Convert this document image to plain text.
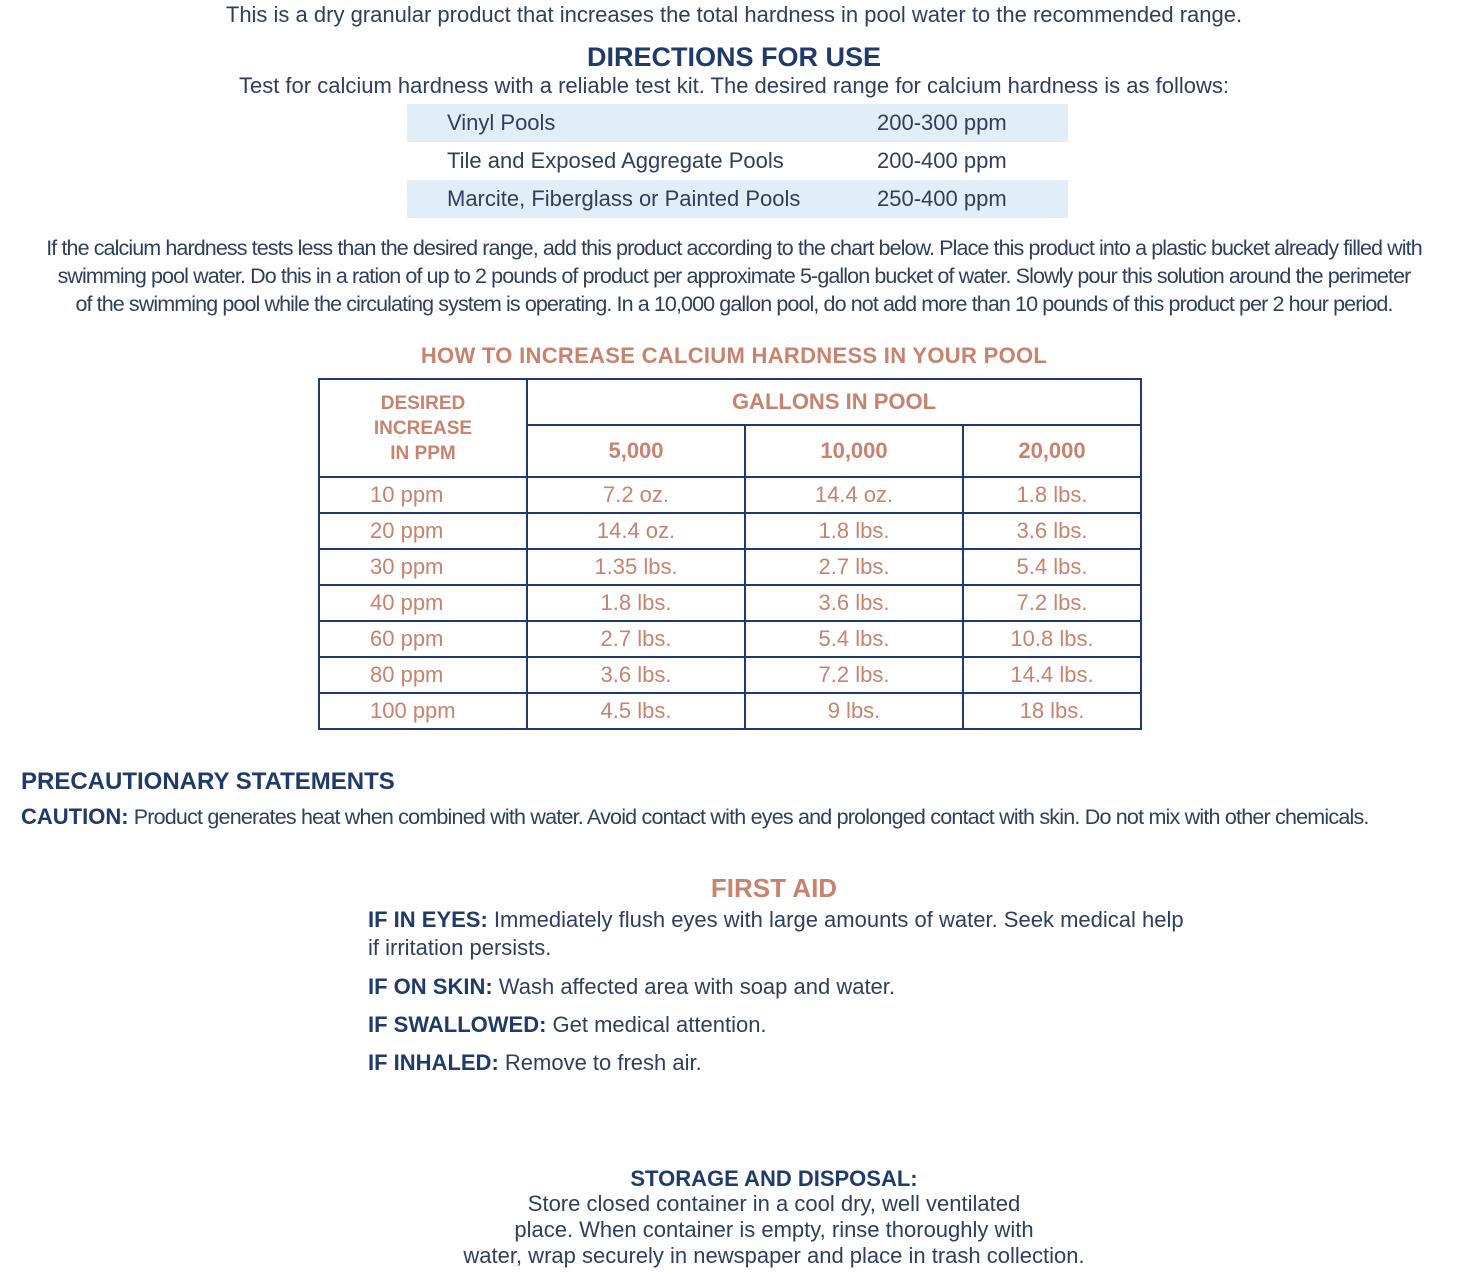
This is a dry granular product that increases the total hardness in pool water to the recommended range.
DIRECTIONS FOR USE
Test for calcium hardness with a reliable test kit. The desired range for calcium hardness is as follows:
Vinyl Pools	200-300 ppm
Tile and Exposed Aggregate Pools	200-400 ppm
Marcite, Fiberglass or Painted Pools	250-400 ppm
If the calcium hardness tests less than the desired range, add this product according to the chart below. Place this product into a plastic bucket already filled with
swimming pool water. Do this in a ration of up to 2 pounds of product per approximate 5-gallon bucket of water. Slowly pour this solution around the perimeter
of the swimming pool while the circulating system is operating. In a 10,000 gallon pool, do not add more than 10 pounds of this product per 2 hour period.
HOW TO INCREASE CALCIUM HARDNESS IN YOUR POOL
DESIRED
INCREASE
IN PPM	GALLONS IN POOL		
	5,000	10,000	20,000
10 ppm	7.2 oz.	14.4 oz.	1.8 lbs.
20 ppm	14.4 oz.	1.8 lbs.	3.6 lbs.
30 ppm	1.35 lbs.	2.7 lbs.	5.4 lbs.
40 ppm	1.8 lbs.	3.6 lbs.	7.2 lbs.
60 ppm	2.7 lbs.	5.4 lbs.	10.8 lbs.
80 ppm	3.6 lbs.	7.2 lbs.	14.4 lbs.
100 ppm	4.5 lbs.	9 lbs.	18 lbs.
PRECAUTIONARY STATEMENTS
CAUTION: Product generates heat when combined with water. Avoid contact with eyes and prolonged contact with skin. Do not mix with other chemicals.
FIRST AID
IF IN EYES: Immediately flush eyes with large amounts of water. Seek medical help if irritation persists.
IF ON SKIN: Wash affected area with soap and water.
IF SWALLOWED: Get medical attention.
IF INHALED: Remove to fresh air.
STORAGE AND DISPOSAL:
Store closed container in a cool dry, well ventilated
place. When container is empty, rinse thoroughly with
water, wrap securely in newspaper and place in trash collection.
